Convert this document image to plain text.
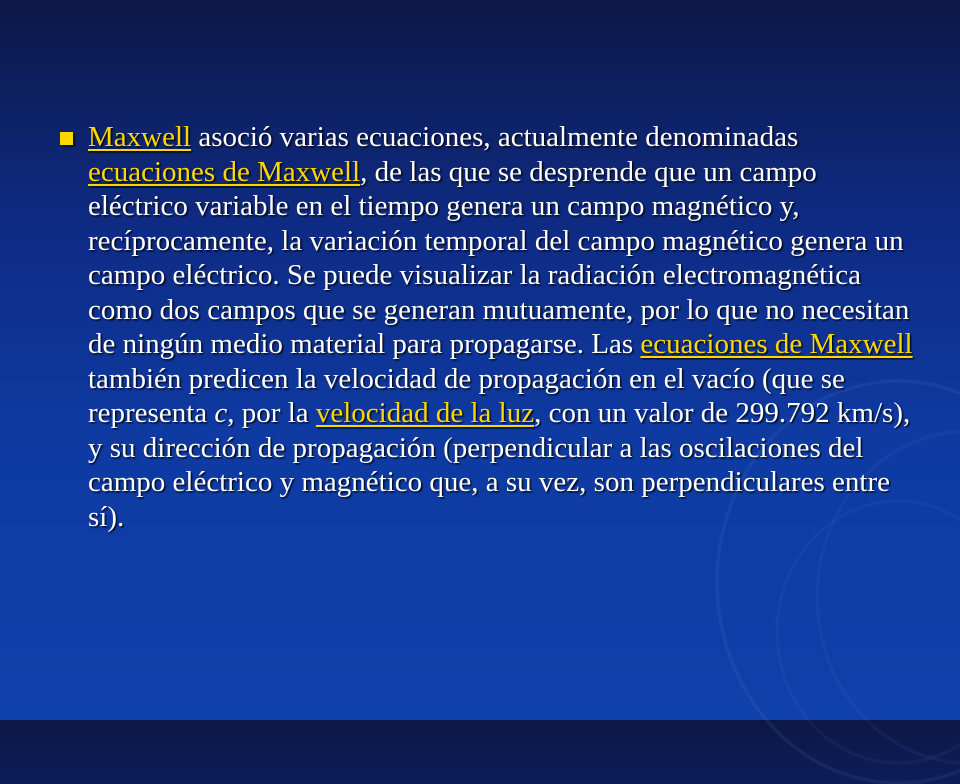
Maxwell asoció varias ecuaciones, actualmente denominadas ecuaciones de Maxwell, de las que se desprende que un campo eléctrico variable en el tiempo genera un campo magnético y, recíprocamente, la variación temporal del campo magnético genera un campo eléctrico. Se puede visualizar la radiación electromagnética como dos campos que se generan mutuamente, por lo que no necesitan de ningún medio material para propagarse. Las ecuaciones de Maxwell también predicen la velocidad de propagación en el vacío (que se representa c, por la velocidad de la luz, con un valor de 299.792 km/s), y su dirección de propagación (perpendicular a las oscilaciones del campo eléctrico y magnético que, a su vez, son perpendiculares entre sí).
